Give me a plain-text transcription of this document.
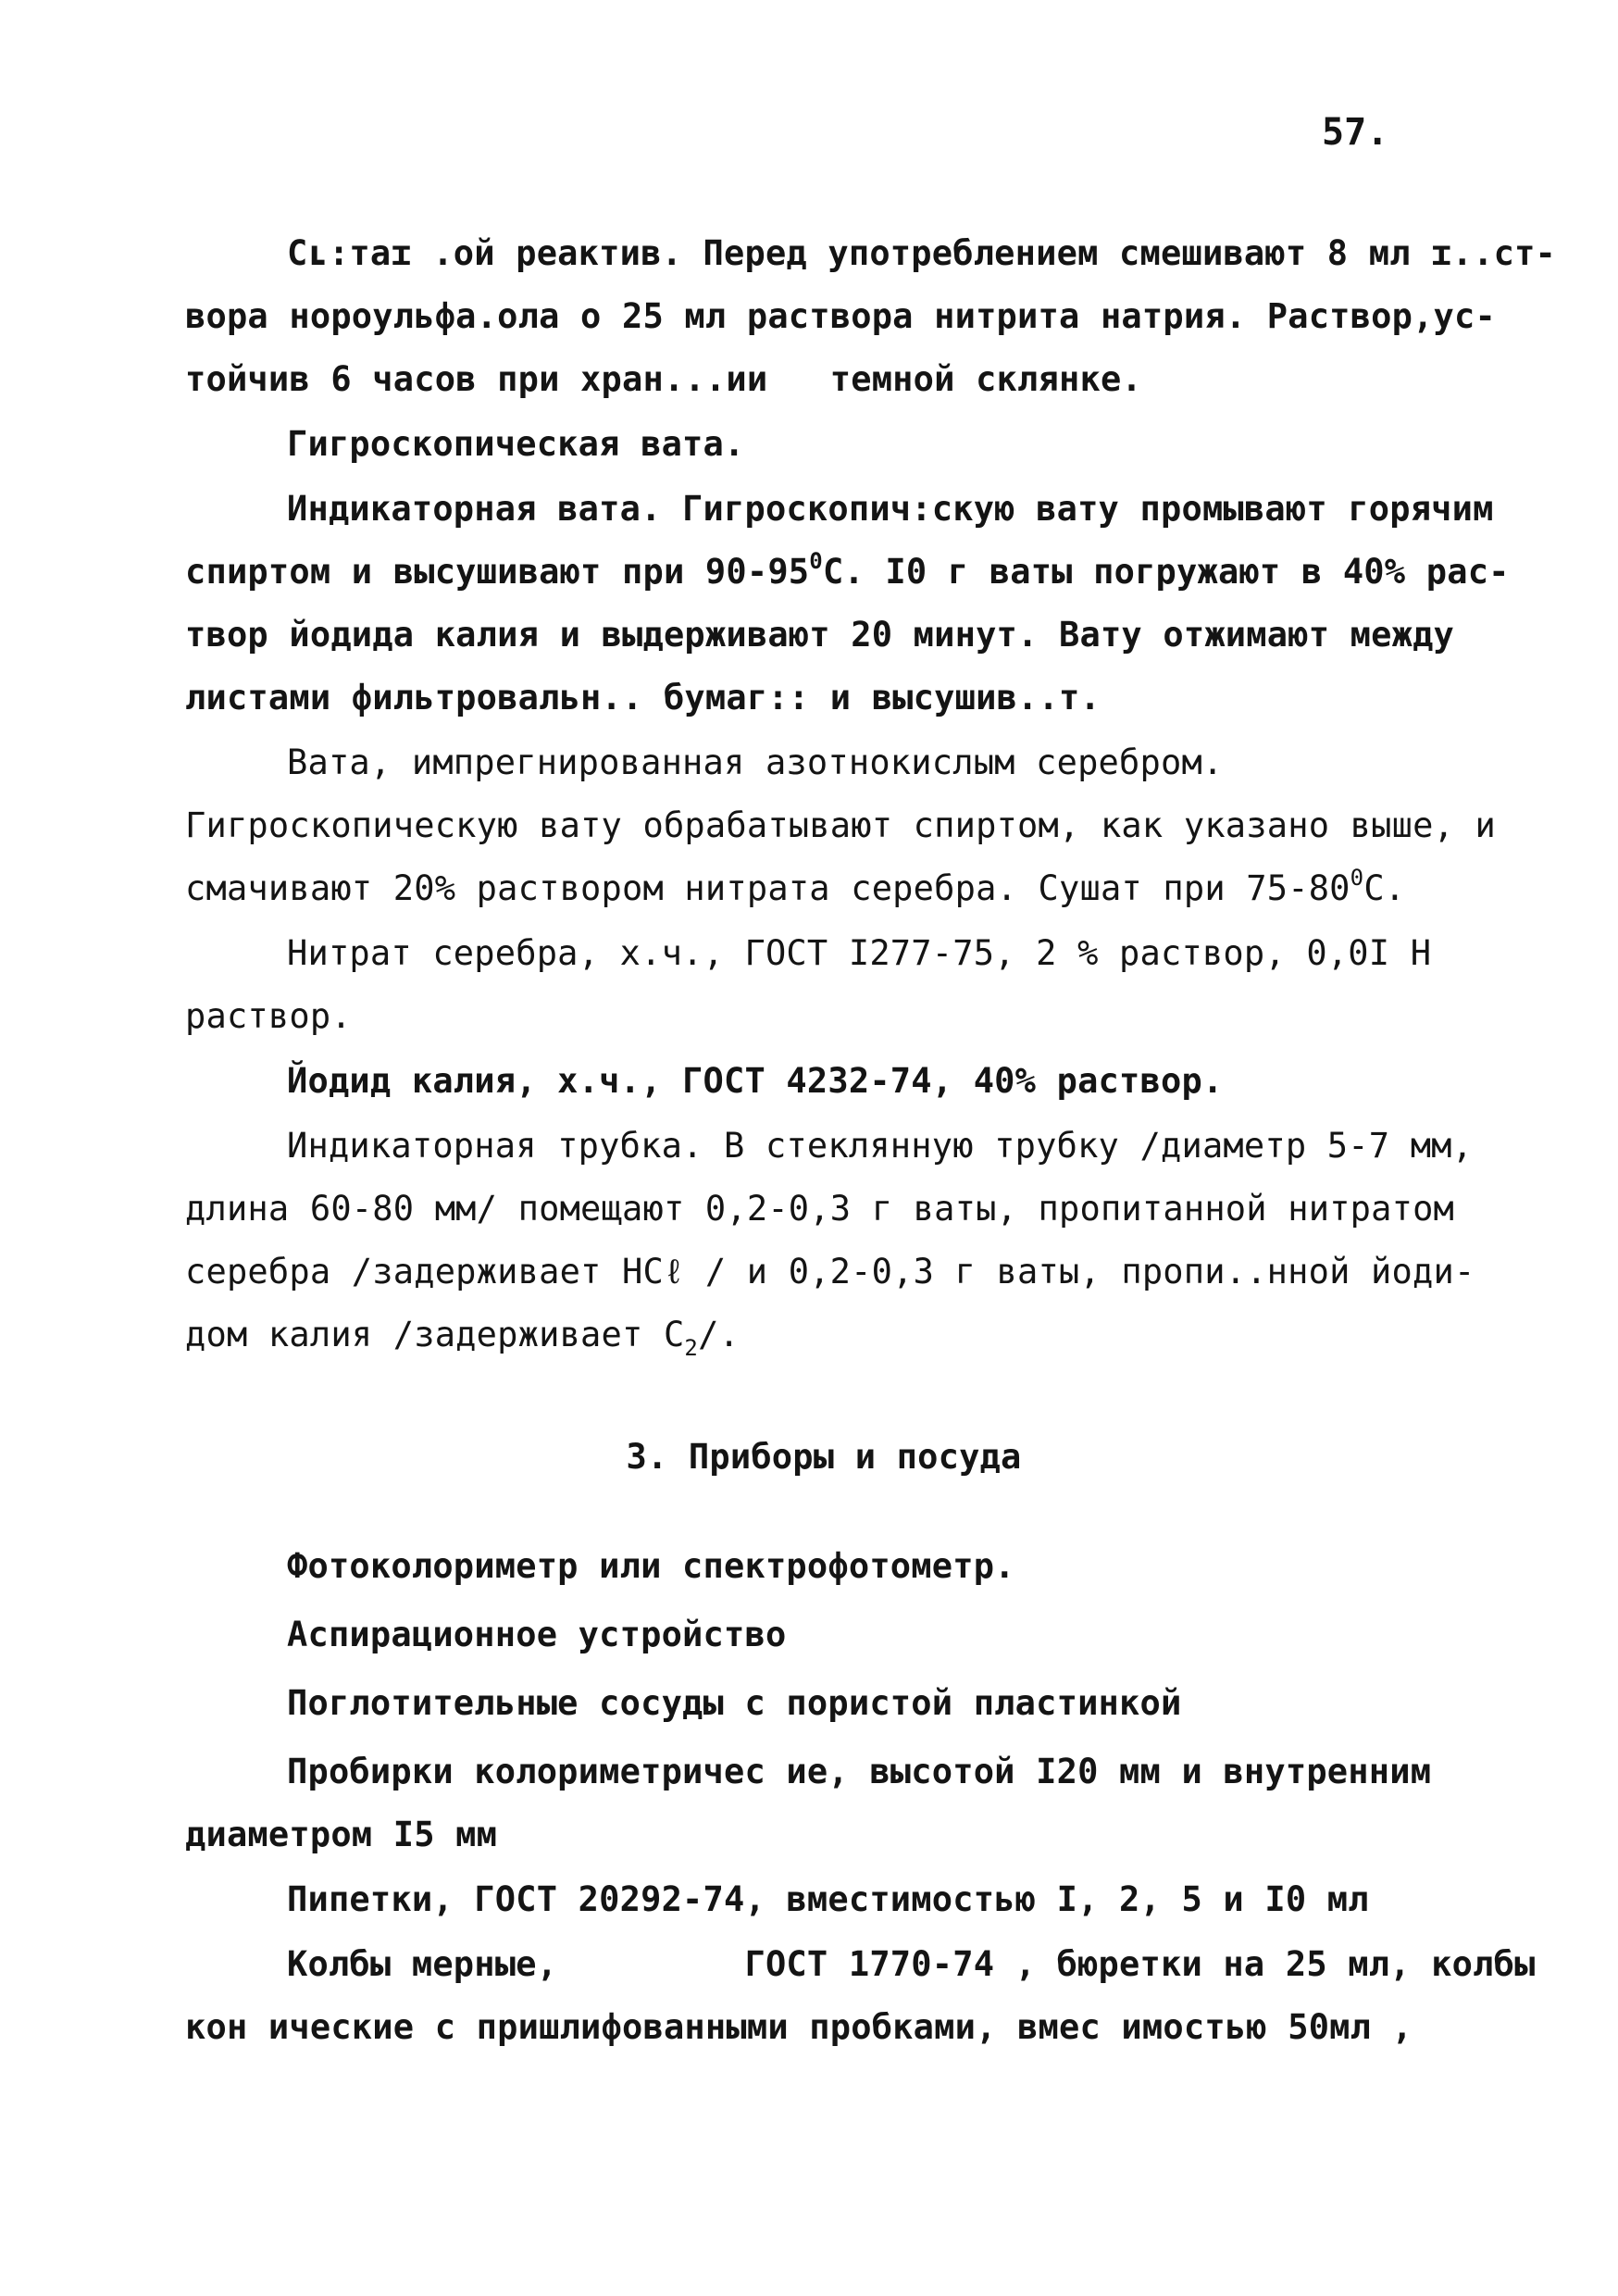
57.
Cʟ:таɪ .ой реактив. Перед употреблением смешивают 8 мл ɪ..ст-
вора нороульфа.ола о 25 мл раствора нитрита натрия. Раствор,ус-
тойчив 6 часов при хран...ии   темной склянке.
Гигроскопическая вата.
Индикаторная вата. Гигроскопич:скую вату промывают горячим
спиртом и высушивают при $90-95^0С$. I0 г ваты погружают в 40% рас-
твор йодида калия и выдерживают 20 минут. Вату отжимают между
листами фильтровальн.. бумаг:: и высушив..т.
Вата, импрегнированная азотнокислым серебром.
Гигроскопическую вату обрабатывают спиртом, как указано выше, и
смачивают 20% раствором нитрата серебра. Сушат при $75-80^0С$.
Нитрат серебра, х.ч., ГОСТ I277-75, 2 % раствор, 0,0I Н
раствор.
Йодид калия, х.ч., ГОСТ 4232-74, 40% раствор.
Индикаторная трубка. В стеклянную трубку /диаметр 5-7 мм,
длина 60-80 мм/ помещают 0,2-0,3 г ваты, пропитанной нитратом
серебра /задерживает НСℓ / и 0,2-0,3 г ваты, пропи..нной йоди-
дом калия /задерживает $С_2/$.
3. Приборы и посуда
Фотоколориметр или спектрофотометр.
Аспирационное устройство
Поглотительные сосуды с пористой пластинкой
Пробирки колориметричес ие, высотой I20 мм и внутренним
диаметром I5 мм
Пипетки, ГОСТ 20292-74, вместимостью I, 2, 5 и I0 мл
Колбы мерные,         ГОСТ 1770-74 , бюретки на 25 мл, колбы
кон ические с пришлифованными пробками, вмес имостью 50мл ,
